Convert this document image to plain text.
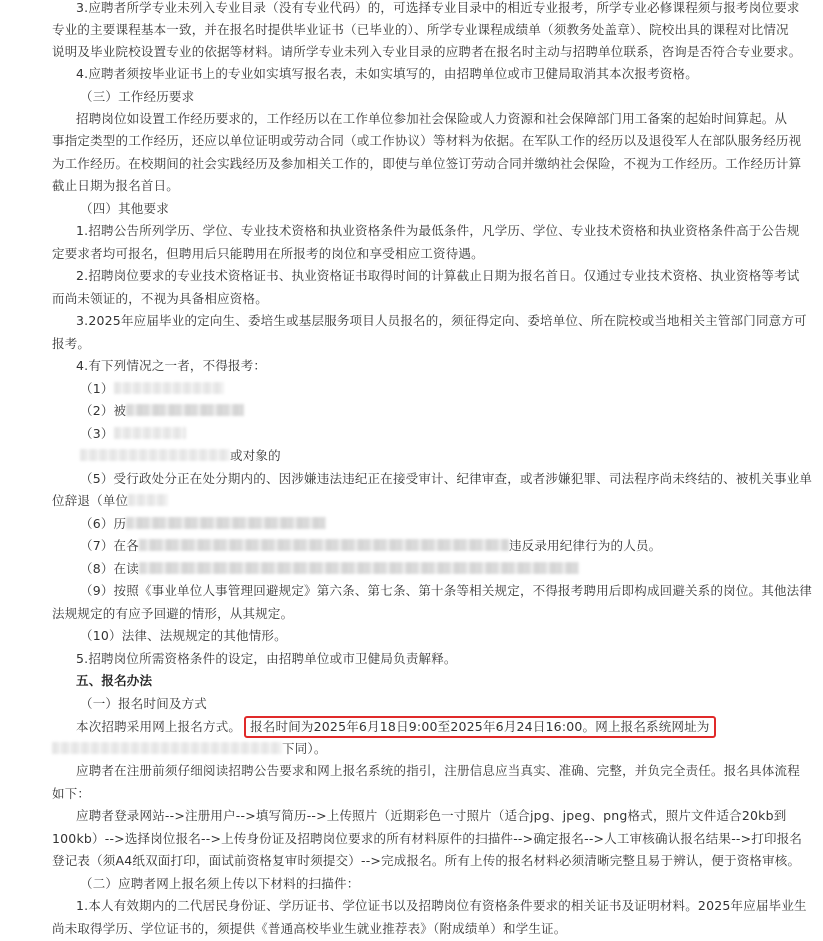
3.应聘者所学专业未列入专业目录（没有专业代码）的，可选择专业目录中的相近专业报考，所学专业必修课程须与报考岗位要求
专业的主要课程基本一致，并在报名时提供毕业证书（已毕业的）、所学专业课程成绩单（须教务处盖章）、院校出具的课程对比情况
说明及毕业院校设置专业的依据等材料。请所学专业未列入专业目录的应聘者在报名时主动与招聘单位联系，咨询是否符合专业要求。
4.应聘者须按毕业证书上的专业如实填写报名表，未如实填写的，由招聘单位或市卫健局取消其本次报考资格。
（三）工作经历要求
招聘岗位如设置工作经历要求的，工作经历以在工作单位参加社会保险或人力资源和社会保障部门用工备案的起始时间算起。从
事指定类型的工作经历，还应以单位证明或劳动合同（或工作协议）等材料为依据。在军队工作的经历以及退役军人在部队服务经历视
为工作经历。在校期间的社会实践经历及参加相关工作的，即使与单位签订劳动合同并缴纳社会保险，不视为工作经历。工作经历计算
截止日期为报名首日。
（四）其他要求
1.招聘公告所列学历、学位、专业技术资格和执业资格条件为最低条件，凡学历、学位、专业技术资格和执业资格条件高于公告规
定要求者均可报名，但聘用后只能聘用在所报考的岗位和享受相应工资待遇。
2.招聘岗位要求的专业技术资格证书、执业资格证书取得时间的计算截止日期为报名首日。仅通过专业技术资格、执业资格等考试
而尚未领证的，不视为具备相应资格。
3.2025年应届毕业的定向生、委培生或基层服务项目人员报名的，须征得定向、委培单位、所在院校或当地相关主管部门同意方可
报考。
4.有下列情况之一者，不得报考：
（1）
（2）被
（3）
或对象的
（5）受行政处分正在处分期内的、因涉嫌违法违纪正在接受审计、纪律审查，或者涉嫌犯罪、司法程序尚未终结的、被机关事业单
位辞退（单位
（6）历
（7）在各	违反录用纪律行为的人员。
（8）在读
（9）按照《事业单位人事管理回避规定》第六条、第七条、第十条等相关规定，不得报考聘用后即构成回避关系的岗位。其他法律
法规规定的有应予回避的情形，从其规定。
（10）法律、法规规定的其他情形。
5.招聘岗位所需资格条件的设定，由招聘单位或市卫健局负责解释。
五、报名办法
（一）报名时间及方式
本次招聘采用网上报名方式。 报名时间为2025年6月18日9:00至2025年6月24日16:00。网上报名系统网址为
下同）。
应聘者在注册前须仔细阅读招聘公告要求和网上报名系统的指引，注册信息应当真实、准确、完整，并负完全责任。报名具体流程
如下：
应聘者登录网站-->注册用户-->填写简历-->上传照片（近期彩色一寸照片（适合jpg、jpeg、png格式，照片文件适合20kb到
100kb）-->选择岗位报名-->上传身份证及招聘岗位要求的所有材料原件的扫描件-->确定报名-->人工审核确认报名结果-->打印报名
登记表（须A4纸双面打印，面试前资格复审时须提交）-->完成报名。所有上传的报名材料必须清晰完整且易于辨认，便于资格审核。
（二）应聘者网上报名须上传以下材料的扫描件：
1.本人有效期内的二代居民身份证、学历证书、学位证书以及招聘岗位有资格条件要求的相关证书及证明材料。2025年应届毕业生
尚未取得学历、学位证书的，须提供《普通高校毕业生就业推荐表》（附成绩单）和学生证。
